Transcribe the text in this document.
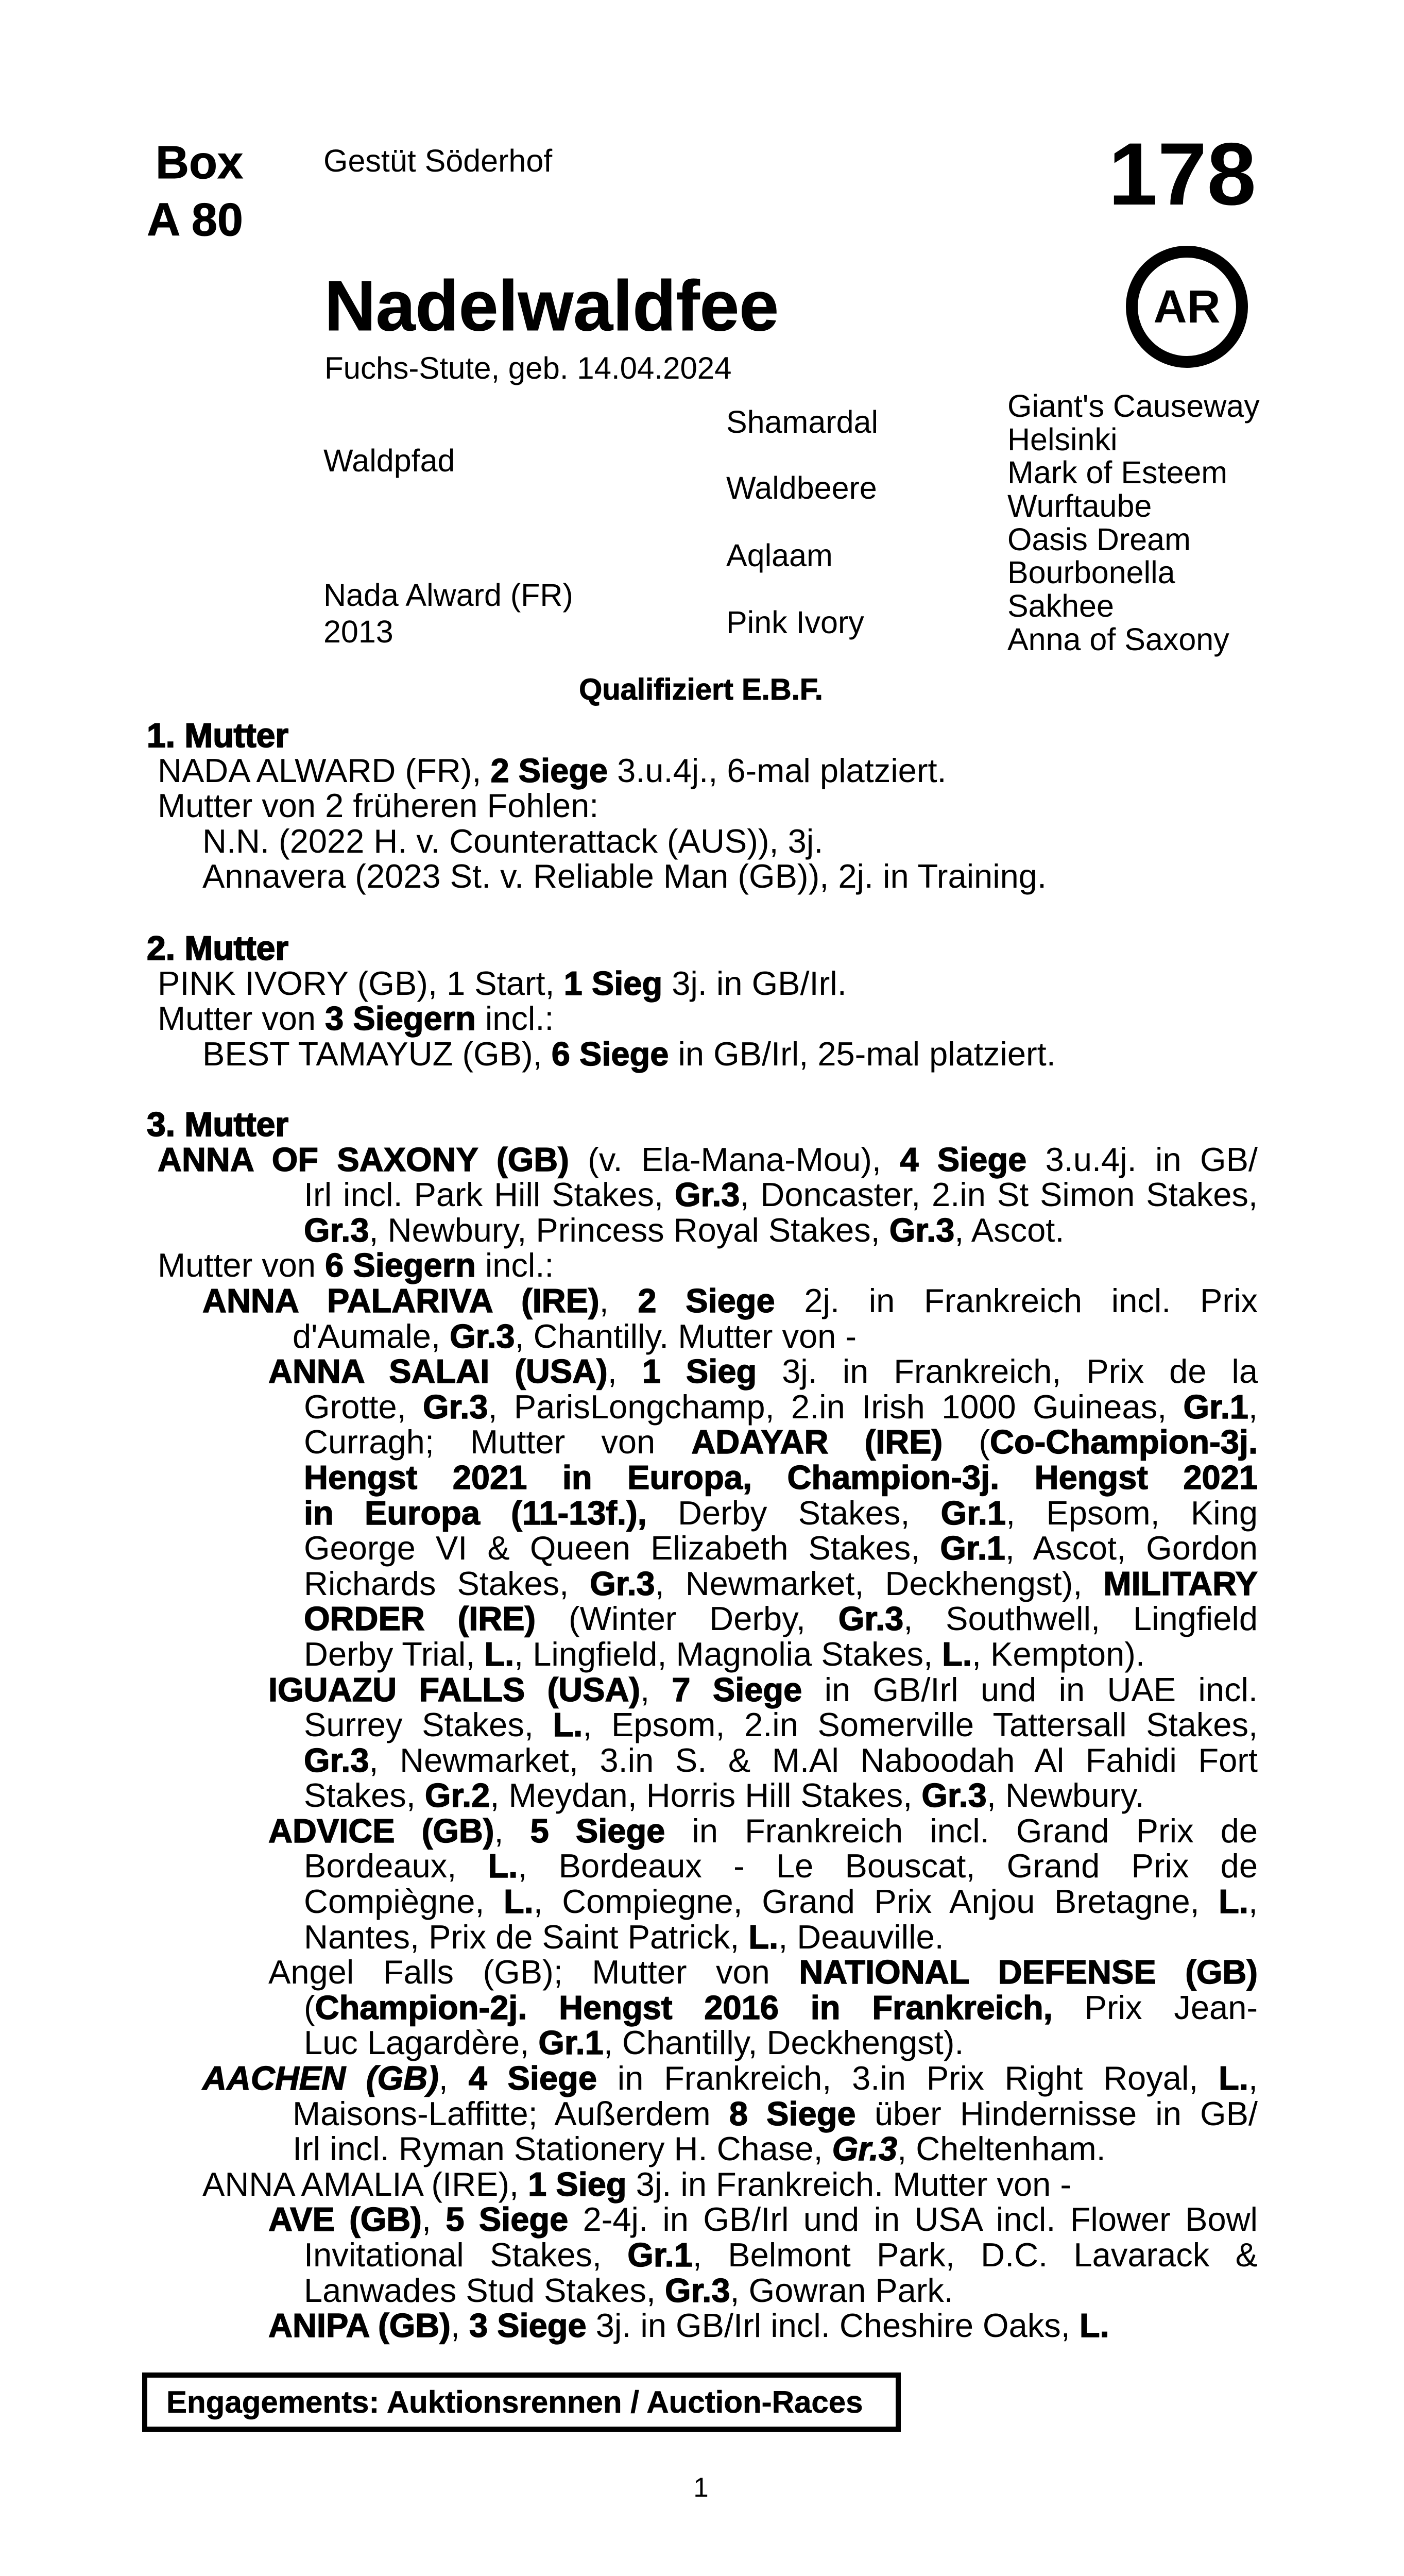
Box
A 80
Gestüt Söderhof	178
AR
Nadelwaldfee
Fuchs-Stute, geb. 14.04.2024
Waldpfad
Nada Alward (FR)
2013
Shamardal
Waldbeere
Aqlaam
Pink Ivory
Giant's Causeway
Helsinki
Mark of Esteem
Wurftaube
Oasis Dream
Bourbonella
Sakhee
Anna of Saxony
Qualifiziert E.B.F.
1. Mutter
NADA ALWARD (FR), 2 Siege 3.u.4j., 6-mal platziert.
Mutter von 2 früheren Fohlen:
N.N. (2022 H. v. Counterattack (AUS)), 3j.
Annavera (2023 St. v. Reliable Man (GB)), 2j. in Training.
2. Mutter
PINK IVORY (GB), 1 Start, 1 Sieg 3j. in GB/Irl.
Mutter von 3 Siegern incl.:
BEST TAMAYUZ (GB), 6 Siege in GB/Irl, 25-mal platziert.
3. Mutter
ANNA OF SAXONY (GB) (v. Ela-Mana-Mou), 4 Siege 3.u.4j. in GB/
Irl incl. Park Hill Stakes, Gr.3, Doncaster, 2.in St Simon Stakes,
Gr.3, Newbury, Princess Royal Stakes, Gr.3, Ascot.
Mutter von 6 Siegern incl.:
ANNA PALARIVA (IRE), 2 Siege 2j. in Frankreich incl. Prix
d'Aumale, Gr.3, Chantilly. Mutter von -
ANNA SALAI (USA), 1 Sieg 3j. in Frankreich, Prix de la
Grotte, Gr.3, ParisLongchamp, 2.in Irish 1000 Guineas, Gr.1,
Curragh; Mutter von ADAYAR (IRE) (Co-Champion-3j.
Hengst 2021 in Europa, Champion-3j. Hengst 2021
in Europa (11-13f.), Derby Stakes, Gr.1, Epsom, King
George VI & Queen Elizabeth Stakes, Gr.1, Ascot, Gordon
Richards Stakes, Gr.3, Newmarket, Deckhengst), MILITARY
ORDER (IRE) (Winter Derby, Gr.3, Southwell, Lingfield
Derby Trial, L., Lingfield, Magnolia Stakes, L., Kempton).
IGUAZU FALLS (USA), 7 Siege in GB/Irl und in UAE incl.
Surrey Stakes, L., Epsom, 2.in Somerville Tattersall Stakes,
Gr.3, Newmarket, 3.in S. & M.Al Naboodah Al Fahidi Fort
Stakes, Gr.2, Meydan, Horris Hill Stakes, Gr.3, Newbury.
ADVICE (GB), 5 Siege in Frankreich incl. Grand Prix de
Bordeaux, L., Bordeaux - Le Bouscat, Grand Prix de
Compiègne, L., Compiegne, Grand Prix Anjou Bretagne, L.,
Nantes, Prix de Saint Patrick, L., Deauville.
Angel Falls (GB); Mutter von NATIONAL DEFENSE (GB)
(Champion-2j. Hengst 2016 in Frankreich, Prix Jean-
Luc Lagardère, Gr.1, Chantilly, Deckhengst).
AACHEN (GB), 4 Siege in Frankreich, 3.in Prix Right Royal, L.,
Maisons-Laffitte; Außerdem 8 Siege über Hindernisse in GB/
Irl incl. Ryman Stationery H. Chase, Gr.3, Cheltenham.
ANNA AMALIA (IRE), 1 Sieg 3j. in Frankreich. Mutter von -
AVE (GB), 5 Siege 2-4j. in GB/Irl und in USA incl. Flower Bowl
Invitational Stakes, Gr.1, Belmont Park, D.C. Lavarack &
Lanwades Stud Stakes, Gr.3, Gowran Park.
ANIPA (GB), 3 Siege 3j. in GB/Irl incl. Cheshire Oaks, L.
Engagements: Auktionsrennen / Auction-Races
1
